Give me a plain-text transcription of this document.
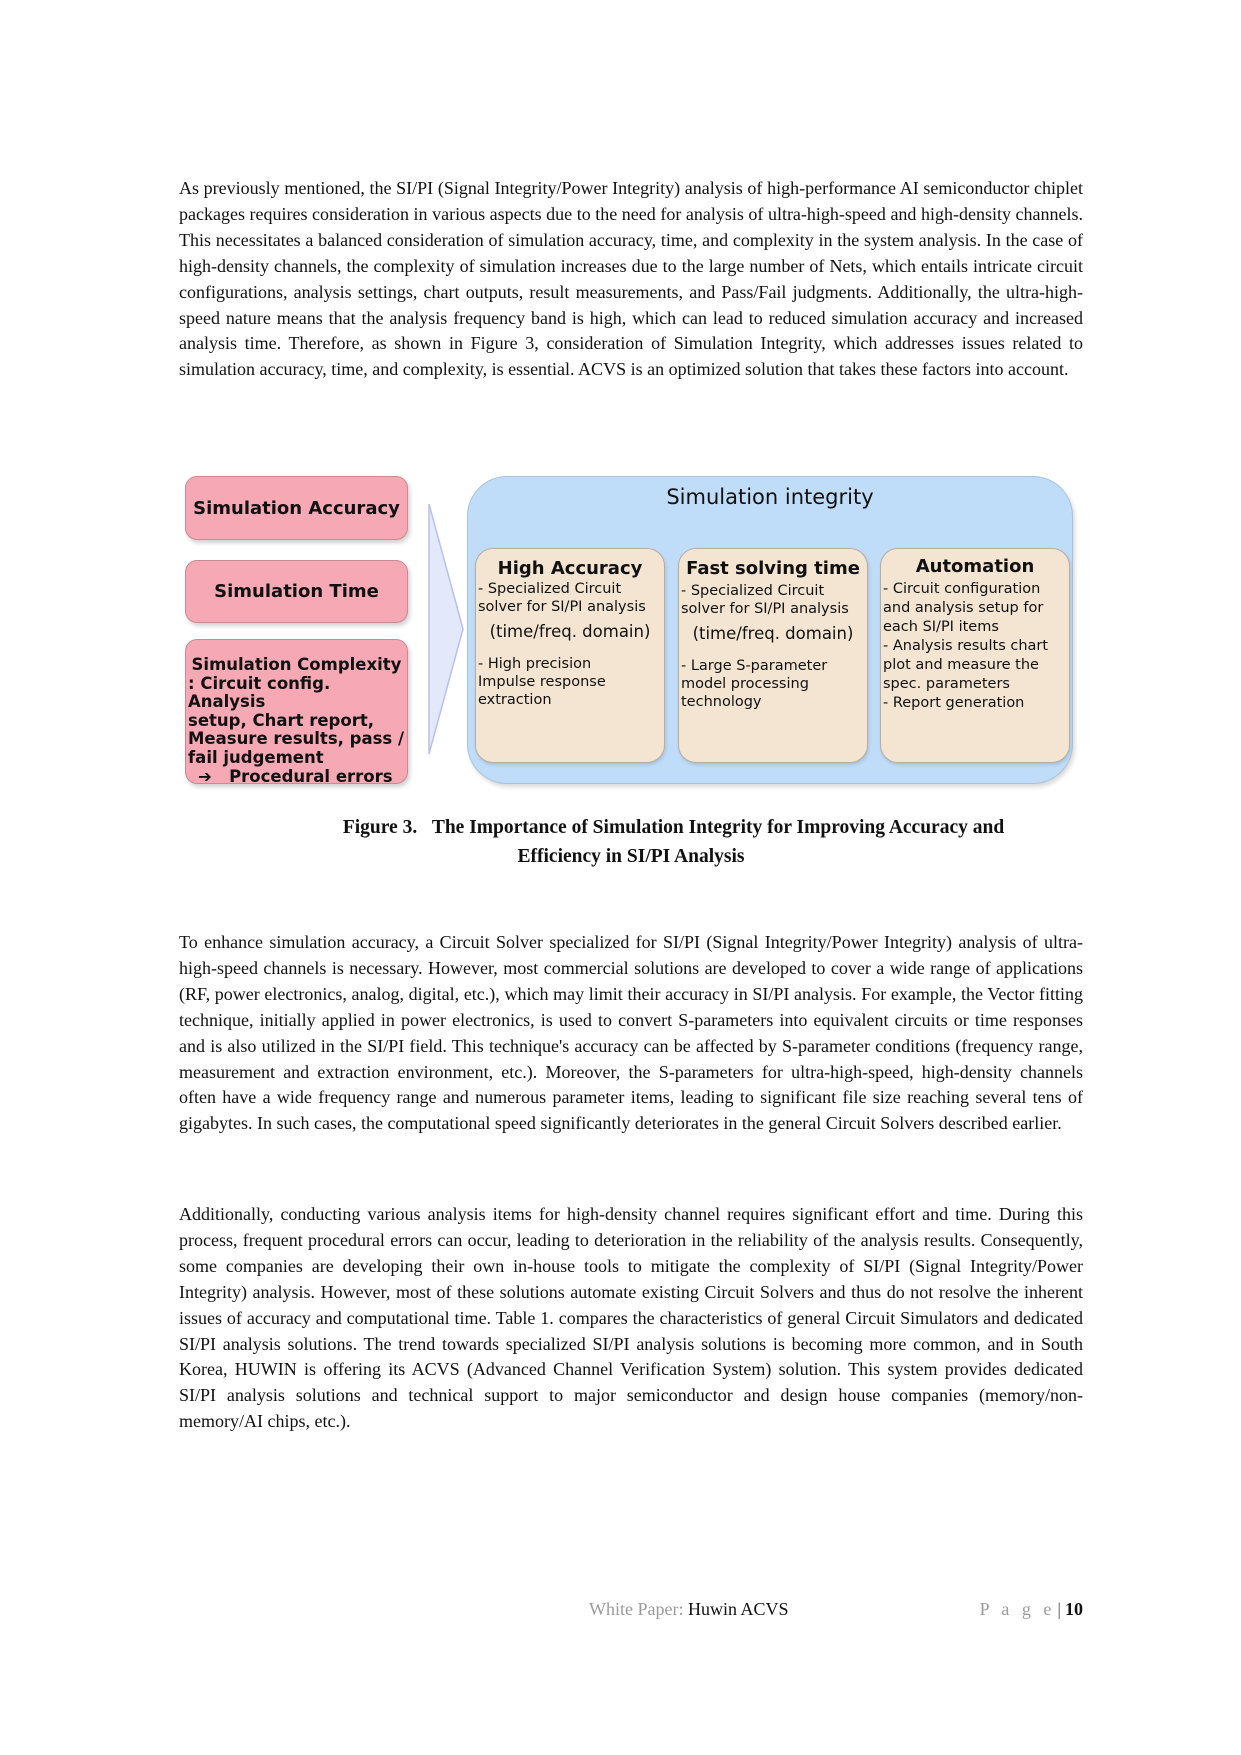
As previously mentioned, the SI/PI (Signal Integrity/Power Integrity) analysis of high-performance AI semiconductor chiplet packages requires consideration in various aspects due to the need for analysis of ultra-high-speed and high-density channels. This necessitates a balanced consideration of simulation accuracy, time, and complexity in the system analysis. In the case of high-density channels, the complexity of simulation increases due to the large number of Nets, which entails intricate circuit configurations, analysis settings, chart outputs, result measurements, and Pass/Fail judgments. Additionally, the ultra-high-speed nature means that the analysis frequency band is high, which can lead to reduced simulation accuracy and increased analysis time. Therefore, as shown in Figure 3, consideration of Simulation Integrity, which addresses issues related to simulation accuracy, time, and complexity, is essential. ACVS is an optimized solution that takes these factors into account.

Simulation Accuracy
Simulation Time
Simulation Complexity
: Circuit config. Analysis
setup, Chart report,
Measure results, pass /
fail judgement
➔ Procedural errors
Simulation integrity
High Accuracy
- Specialized Circuit
solver for SI/PI analysis
(time/freq. domain)
- High precision
Impulse response
extraction
Fast solving time
- Specialized Circuit
solver for SI/PI analysis
(time/freq. domain)
- Large S-parameter
model processing
technology
Automation
- Circuit configuration
and analysis setup for
each SI/PI items
- Analysis results chart
plot and measure the
spec. parameters
- Report generation
Figure 3. The Importance of Simulation Integrity for Improving Accuracy and
Efficiency in SI/PI Analysis

To enhance simulation accuracy, a Circuit Solver specialized for SI/PI (Signal Integrity/Power Integrity) analysis of ultra-high-speed channels is necessary. However, most commercial solutions are developed to cover a wide range of applications (RF, power electronics, analog, digital, etc.), which may limit their accuracy in SI/PI analysis. For example, the Vector fitting technique, initially applied in power electronics, is used to convert S-parameters into equivalent circuits or time responses and is also utilized in the SI/PI field. This technique's accuracy can be affected by S-parameter conditions (frequency range, measurement and extraction environment, etc.). Moreover, the S-parameters for ultra-high-speed, high-density channels often have a wide frequency range and numerous parameter items, leading to significant file size reaching several tens of gigabytes. In such cases, the computational speed significantly deteriorates in the general Circuit Solvers described earlier.

Additionally, conducting various analysis items for high-density channel requires significant effort and time. During this process, frequent procedural errors can occur, leading to deterioration in the reliability of the analysis results. Consequently, some companies are developing their own in-house tools to mitigate the complexity of SI/PI (Signal Integrity/Power Integrity) analysis. However, most of these solutions automate existing Circuit Solvers and thus do not resolve the inherent issues of accuracy and computational time. Table 1. compares the characteristics of general Circuit Simulators and dedicated SI/PI analysis solutions. The trend towards specialized SI/PI analysis solutions is becoming more common, and in South Korea, HUWIN is offering its ACVS (Advanced Channel Verification System) solution. This system provides dedicated SI/PI analysis solutions and technical support to major semiconductor and design house companies (memory/non-memory/AI chips, etc.).

White Paper: Huwin ACVS	P a g e | 10
